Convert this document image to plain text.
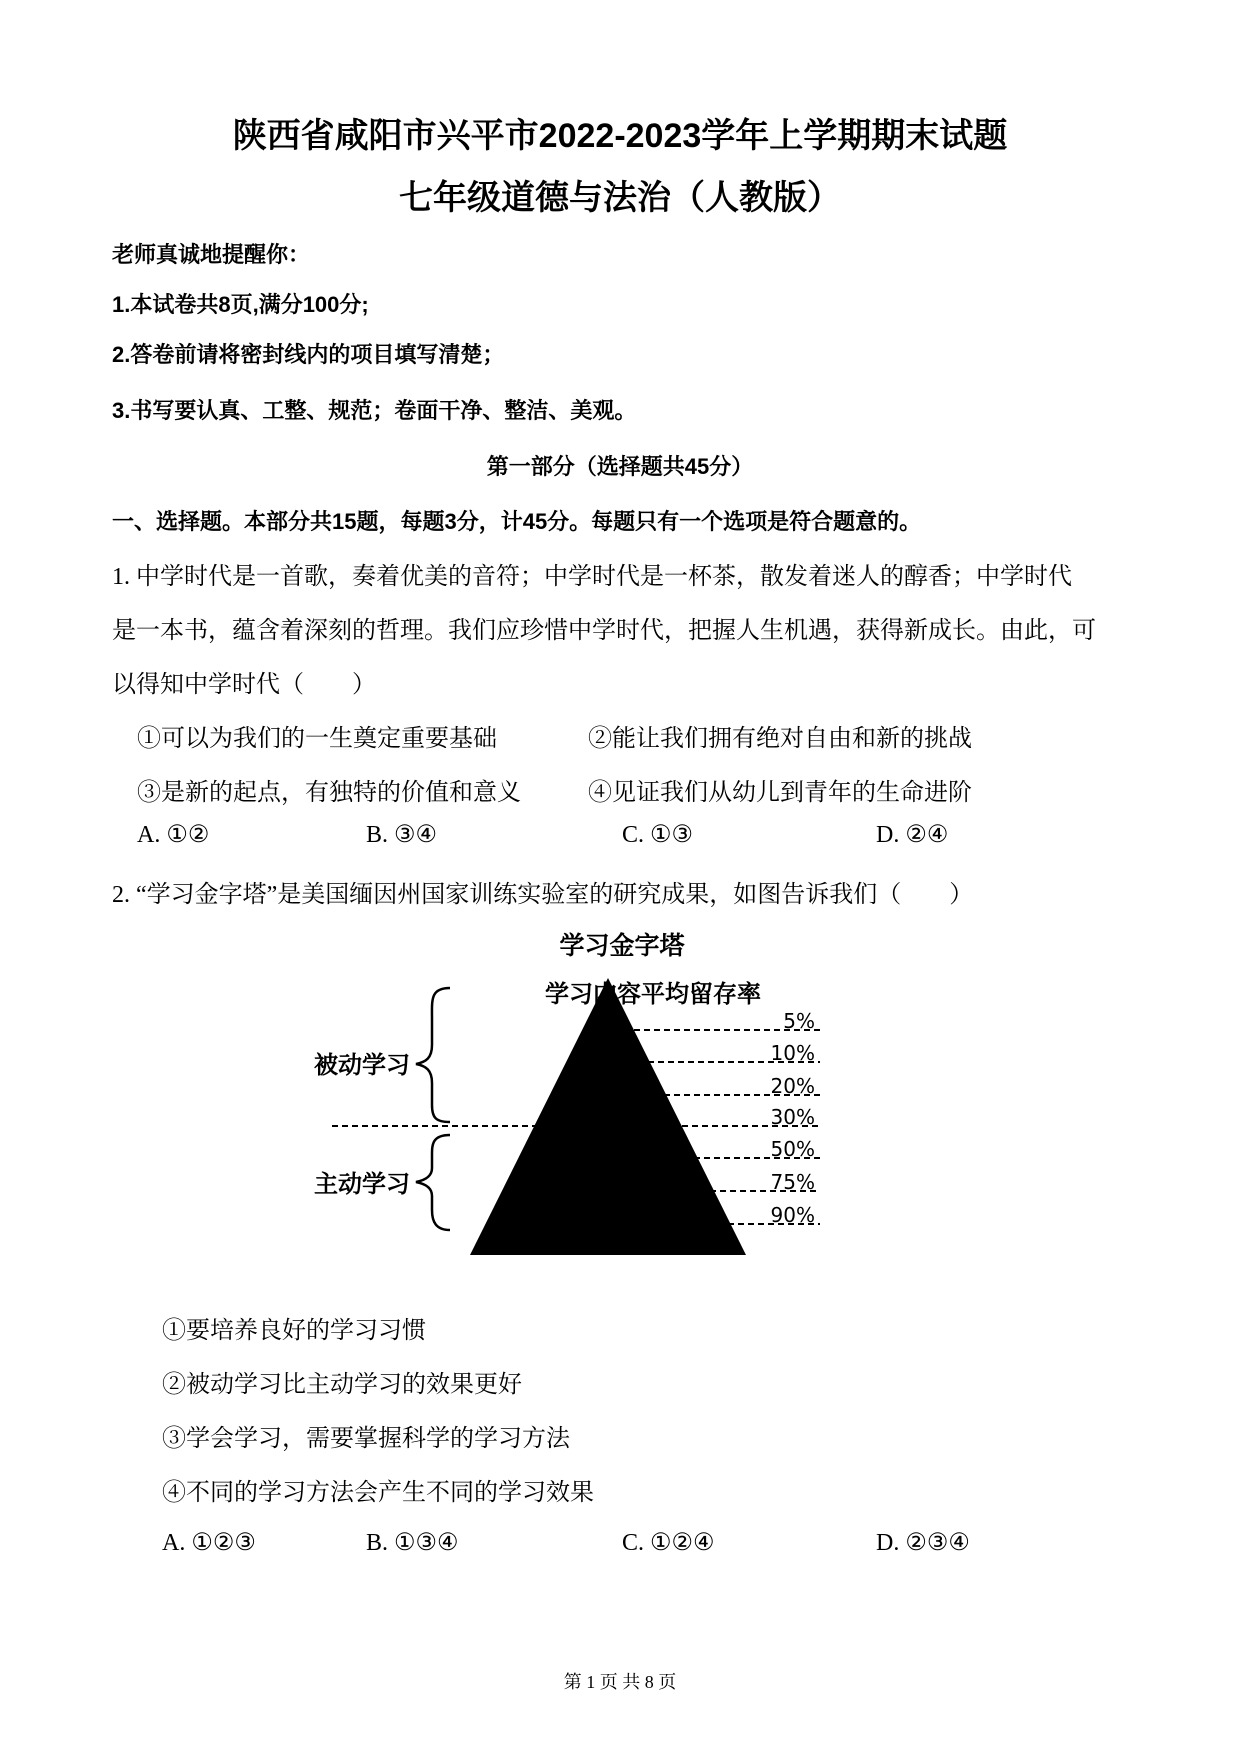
陕西省咸阳市兴平市2022-2023学年上学期期末试题
七年级道德与法治（人教版）
老师真诚地提醒你：
1.本试卷共8页,满分100分;
2.答卷前请将密封线内的项目填写清楚；
3.书写要认真、工整、规范；卷面干净、整洁、美观。
第一部分（选择题共45分）
一、选择题。本部分共15题，每题3分，计45分。每题只有一个选项是符合题意的。
1. 中学时代是一首歌，奏着优美的音符；中学时代是一杯茶，散发着迷人的醇香；中学时代
是一本书，蕴含着深刻的哲理。我们应珍惜中学时代，把握人生机遇，获得新成长。由此，可
以得知中学时代（　　）
①可以为我们的一生奠定重要基础	②能让我们拥有绝对自由和新的挑战
③是新的起点，有独特的价值和意义	④见证我们从幼儿到青年的生命进阶
A. ①②	B. ③④	C. ①③	D. ②④
2. “学习金字塔”是美国缅因州国家训练实验室的研究成果，如图告诉我们（　　）
学习金字塔
学习内容平均留存率
5%
10%
20%
30%
50%
75%
90%
被动学习
主动学习
①要培养良好的学习习惯
②被动学习比主动学习的效果更好
③学会学习，需要掌握科学的学习方法
④不同的学习方法会产生不同的学习效果
A. ①②③	B. ①③④	C. ①②④	D. ②③④
第 1 页 共 8 页
